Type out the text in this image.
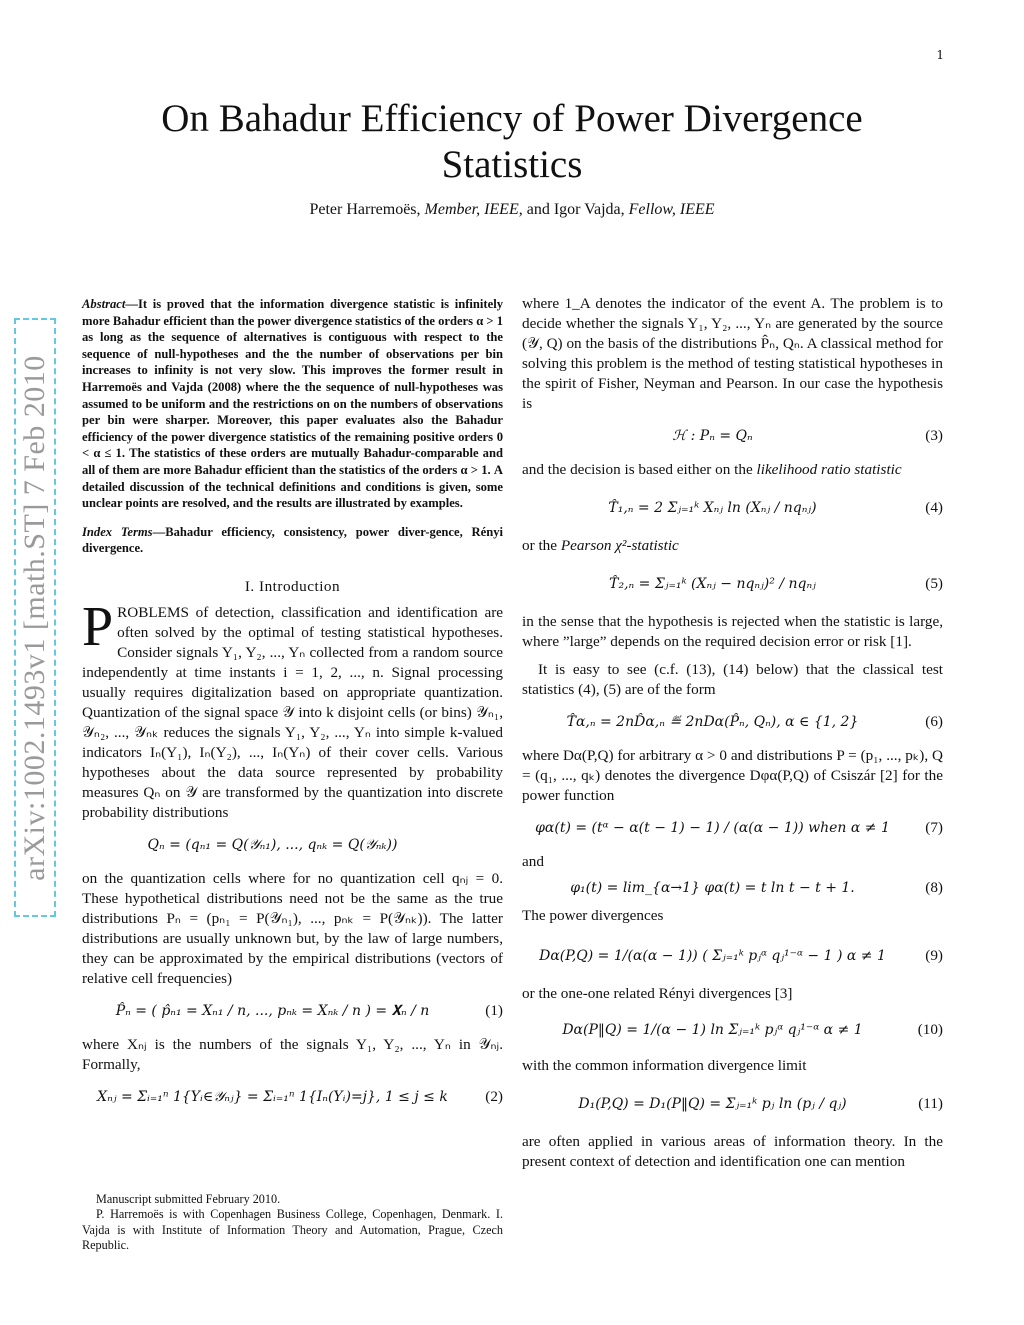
1
On Bahadur Efficiency of Power Divergence
Statistics
Peter Harremoës, Member, IEEE, and Igor Vajda, Fellow, IEEE
arXiv:1002.1493v1 [math.ST] 7 Feb 2010

Abstract—It is proved that the information divergence statistic is infinitely more Bahadur efficient than the power divergence statistics of the orders α > 1 as long as the sequence of alternatives is contiguous with respect to the sequence of null-hypotheses and the the number of observations per bin increases to infinity is not very slow. This improves the former result in Harremoës and Vajda (2008) where the the sequence of null-hypotheses was assumed to be uniform and the restrictions on on the numbers of observations per bin were sharper. Moreover, this paper evaluates also the Bahadur efficiency of the power divergence statistics of the remaining positive orders 0 < α ≤ 1. The statistics of these orders are mutually Bahadur-comparable and all of them are more Bahadur efficient than the statistics of the orders α > 1. A detailed discussion of the technical definitions and conditions is given, some unclear points are resolved, and the results are illustrated by examples.

Index Terms—Bahadur efficiency, consistency, power diver-gence, Rényi divergence.

I. Introduction

PROBLEMS of detection, classification and identification are often solved by the optimal of testing statistical hypotheses. Consider signals Y₁, Y₂, ..., Yₙ collected from a random source independently at time instants i = 1, 2, ..., n. Signal processing usually requires digitalization based on appropriate quantization. Quantization of the signal space 𝒴 into k disjoint cells (or bins) 𝒴ₙ₁, 𝒴ₙ₂, ..., 𝒴ₙₖ reduces the signals Y₁, Y₂, ..., Yₙ into simple k-valued indicators Iₙ(Y₁), Iₙ(Y₂), ..., Iₙ(Yₙ) of their cover cells. Various hypotheses about the data source represented by probability measures Qₙ on 𝒴 are transformed by the quantization into discrete probability distributions

Qₙ = (qₙ₁ = Q(𝒴ₙ₁), ..., qₙₖ = Q(𝒴ₙₖ))

on the quantization cells where for no quantization cell qₙⱼ = 0. These hypothetical distributions need not be the same as the true distributions Pₙ = (pₙ₁ = P(𝒴ₙ₁), ..., pₙₖ = P(𝒴ₙₖ)). The latter distributions are usually unknown but, by the law of large numbers, they can be approximated by the empirical distributions (vectors of relative cell frequencies)

P̂ₙ = ( p̂ₙ₁ = Xₙ₁ / n, ..., pₙₖ = Xₙₖ / n ) = 𝐗ₙ / n	(1)

where Xₙⱼ is the numbers of the signals Y₁, Y₂, ..., Yₙ in 𝒴ₙⱼ. Formally,

Xₙⱼ = Σᵢ₌₁ⁿ 1{Yᵢ∈𝒴ₙⱼ} = Σᵢ₌₁ⁿ 1{Iₙ(Yᵢ)=j}, 1 ≤ j ≤ k	(2)

Manuscript submitted February 2010.

P. Harremoës is with Copenhagen Business College, Copenhagen, Denmark. I. Vajda is with Institute of Information Theory and Automation, Prague, Czech Republic.

where 1_A denotes the indicator of the event A. The problem is to decide whether the signals Y₁, Y₂, ..., Yₙ are generated by the source (𝒴, Q) on the basis of the distributions P̂ₙ, Qₙ. A classical method for solving this problem is the method of testing statistical hypotheses in the spirit of Fisher, Neyman and Pearson. In our case the hypothesis is

ℋ : Pₙ = Qₙ	(3)

and the decision is based either on the likelihood ratio statistic

T̂₁,ₙ = 2 Σⱼ₌₁ᵏ Xₙⱼ ln (Xₙⱼ / nqₙⱼ)	(4)

or the Pearson χ²-statistic

T̂₂,ₙ = Σⱼ₌₁ᵏ (Xₙⱼ − nqₙⱼ)² / nqₙⱼ	(5)

in the sense that the hypothesis is rejected when the statistic is large, where ”large” depends on the required decision error or risk [1].

It is easy to see (c.f. (13), (14) below) that the classical test statistics (4), (5) are of the form

T̂α,ₙ = 2nD̂α,ₙ ≝ 2nDα(P̂ₙ, Qₙ), α ∈ {1, 2}	(6)

where Dα(P,Q) for arbitrary α > 0 and distributions P = (p₁, ..., pₖ), Q = (q₁, ..., qₖ) denotes the divergence Dφα(P,Q) of Csiszár [2] for the power function

φα(t) = (tᵅ − α(t − 1) − 1) / (α(α − 1)) when α ≠ 1	(7)

and

φ₁(t) = lim_{α→1} φα(t) = t ln t − t + 1.	(8)

The power divergences

Dα(P,Q) = 1/(α(α − 1)) ( Σⱼ₌₁ᵏ pⱼᵅ qⱼ¹⁻ᵅ − 1 ) α ≠ 1	(9)

or the one-one related Rényi divergences [3]

Dα(P‖Q) = 1/(α − 1) ln Σⱼ₌₁ᵏ pⱼᵅ qⱼ¹⁻ᵅ α ≠ 1	(10)

with the common information divergence limit

D₁(P,Q) = D₁(P‖Q) = Σⱼ₌₁ᵏ pⱼ ln (pⱼ / qⱼ)	(11)

are often applied in various areas of information theory. In the present context of detection and identification one can mention
